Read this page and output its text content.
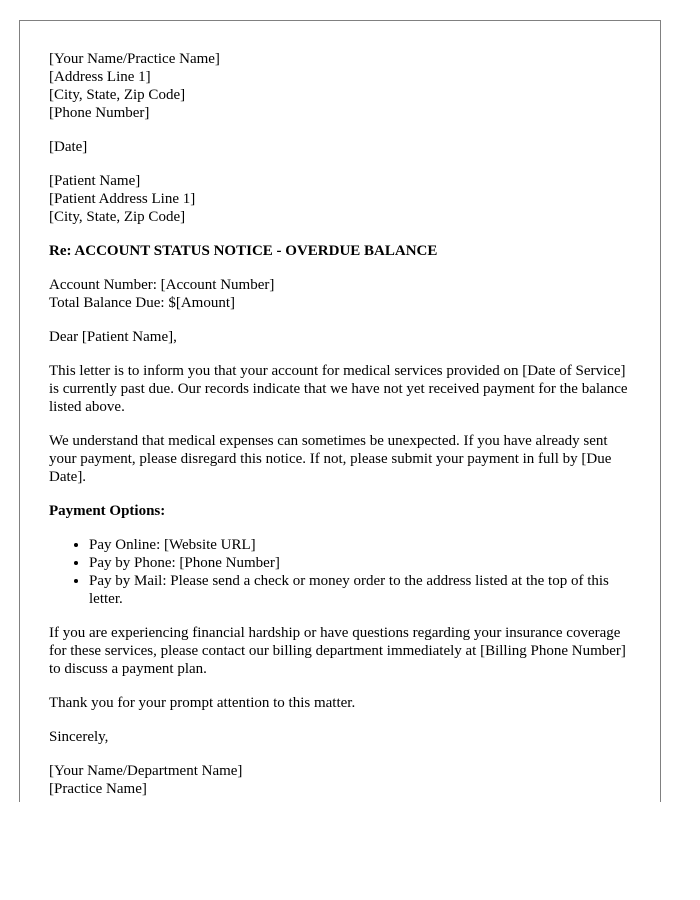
[Your Name/Practice Name]
[Address Line 1]
[City, State, Zip Code]
[Phone Number]
[Date]
[Patient Name]
[Patient Address Line 1]
[City, State, Zip Code]
Re: ACCOUNT STATUS NOTICE - OVERDUE BALANCE
Account Number: [Account Number]
Total Balance Due: $[Amount]
Dear [Patient Name],
This letter is to inform you that your account for medical services provided on [Date of Service] is currently past due. Our records indicate that we have not yet received payment for the balance listed above.
We understand that medical expenses can sometimes be unexpected. If you have already sent your payment, please disregard this notice. If not, please submit your payment in full by [Due Date].
Payment Options:
• Pay Online: [Website URL]
• Pay by Phone: [Phone Number]
• Pay by Mail: Please send a check or money order to the address listed at the top of this letter.
If you are experiencing financial hardship or have questions regarding your insurance coverage for these services, please contact our billing department immediately at [Billing Phone Number] to discuss a payment plan.
Thank you for your prompt attention to this matter.
Sincerely,
[Your Name/Department Name]
[Practice Name]
